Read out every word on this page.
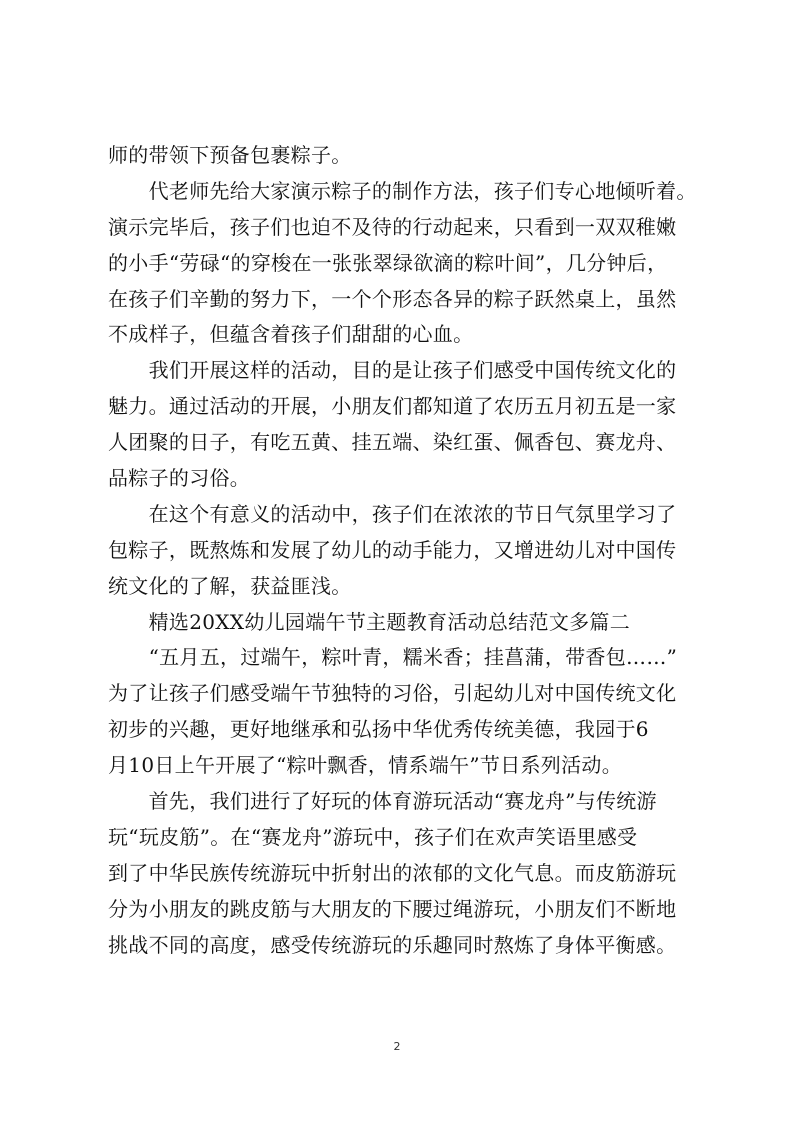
师的带领下预备包裹粽子。
　　代老师先给大家演示粽子的制作方法，孩子们专心地倾听着。
演示完毕后，孩子们也迫不及待的行动起来，只看到一双双稚嫩
的小手“劳碌“的穿梭在一张张翠绿欲滴的粽叶间”，几分钟后，
在孩子们辛勤的努力下，一个个形态各异的粽子跃然桌上，虽然
不成样子，但蕴含着孩子们甜甜的心血。
　　我们开展这样的活动，目的是让孩子们感受中国传统文化的
魅力。通过活动的开展，小朋友们都知道了农历五月初五是一家
人团聚的日子，有吃五黄、挂五端、染红蛋、佩香包、赛龙舟、
品粽子的习俗。
　　在这个有意义的活动中，孩子们在浓浓的节日气氛里学习了
包粽子，既熬炼和发展了幼儿的动手能力，又增进幼儿对中国传
统文化的了解，获益匪浅。
　　精选20XX幼儿园端午节主题教育活动总结范文多篇二
　　“五月五，过端午，粽叶青，糯米香；挂菖蒲，带香包……”
为了让孩子们感受端午节独特的习俗，引起幼儿对中国传统文化
初步的兴趣，更好地继承和弘扬中华优秀传统美德，我园于6
月10日上午开展了“粽叶飘香，情系端午”节日系列活动。
　　首先，我们进行了好玩的体育游玩活动“赛龙舟”与传统游
玩“玩皮筋”。在“赛龙舟”游玩中，孩子们在欢声笑语里感受
到了中华民族传统游玩中折射出的浓郁的文化气息。而皮筋游玩
分为小朋友的跳皮筋与大朋友的下腰过绳游玩，小朋友们不断地
挑战不同的高度，感受传统游玩的乐趣同时熬炼了身体平衡感。
2
